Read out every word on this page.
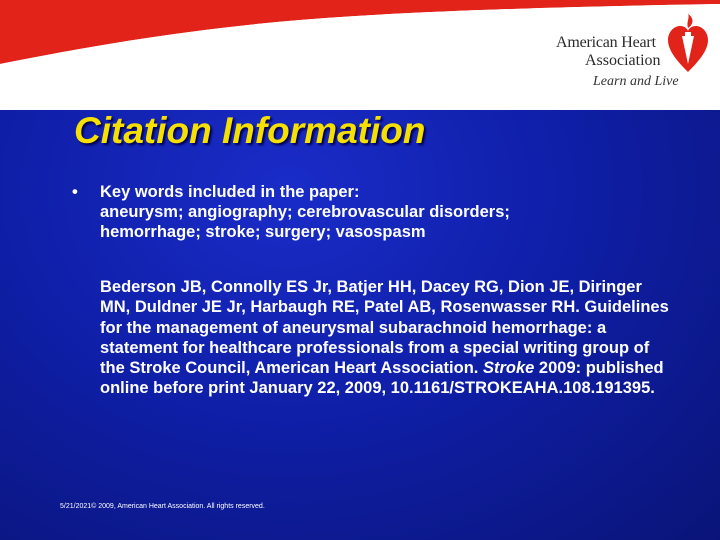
American Heart
Association
Learn and Live
Citation Information
• Key words included in the paper:
aneurysm; angiography; cerebrovascular disorders;
hemorrhage; stroke; surgery; vasospasm

Bederson JB, Connolly ES Jr, Batjer HH, Dacey RG, Dion JE, Diringer MN, Duldner JE Jr, Harbaugh RE, Patel AB, Rosenwasser RH. Guidelines for the management of aneurysmal subarachnoid hemorrhage: a statement for healthcare professionals from a special writing group of the Stroke Council, American Heart Association. Stroke 2009: published online before print January 22, 2009, 10.1161/STROKEAHA.108.191395.

5/21/2021© 2009, American Heart Association. All rights reserved.
